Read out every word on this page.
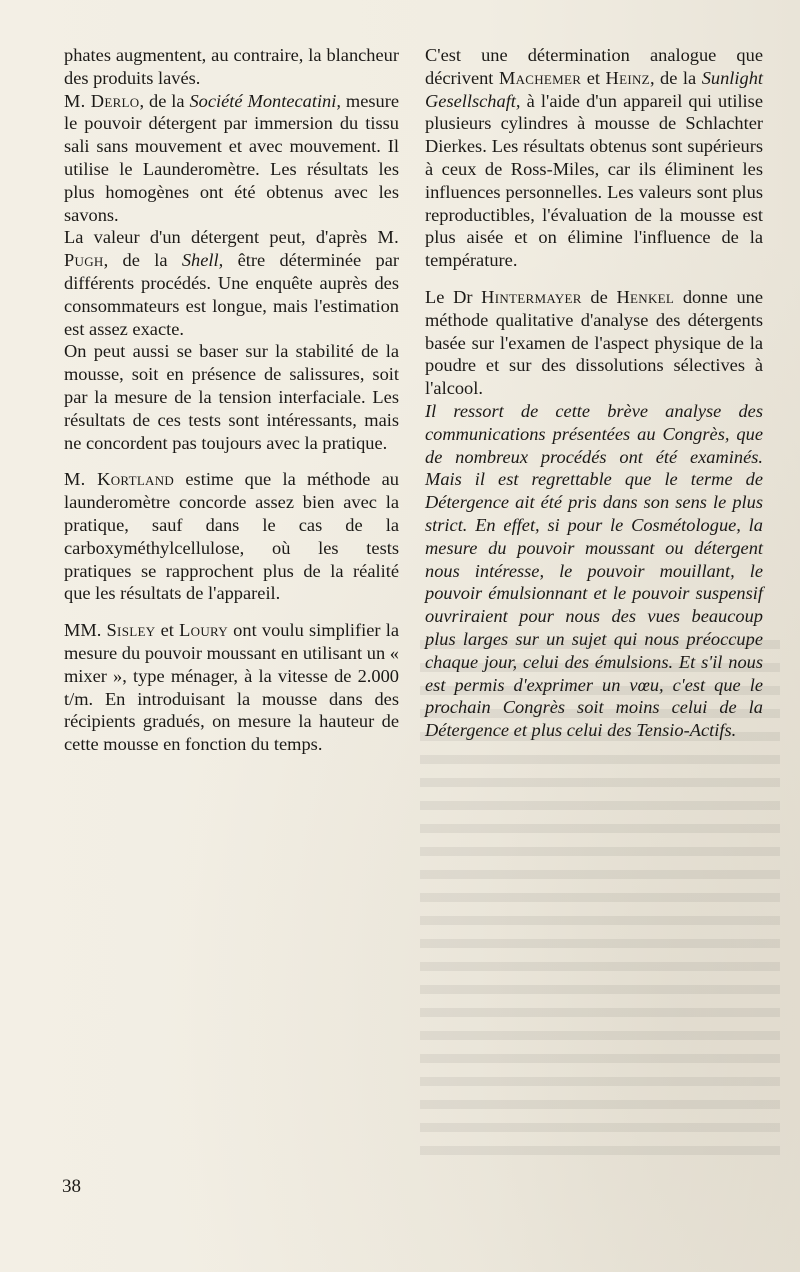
phates augmentent, au contraire, la blancheur des produits lavés.

M. Derlo, de la Société Montecatini, mesure le pouvoir détergent par immersion du tissu sali sans mouvement et avec mouvement. Il utilise le Launderomètre. Les résultats les plus homogènes ont été obtenus avec les savons.

La valeur d'un détergent peut, d'après M. Pugh, de la Shell, être déterminée par différents procédés. Une enquête auprès des consommateurs est longue, mais l'estimation est assez exacte.

On peut aussi se baser sur la stabilité de la mousse, soit en présence de salissures, soit par la mesure de la tension interfaciale. Les résultats de ces tests sont intéressants, mais ne concordent pas toujours avec la pratique.

M. Kortland estime que la méthode au launderomètre concorde assez bien avec la pratique, sauf dans le cas de la carboxyméthylcellulose, où les tests pratiques se rapprochent plus de la réalité que les résultats de l'appareil.

MM. Sisley et Loury ont voulu simplifier la mesure du pouvoir moussant en utilisant un « mixer », type ménager, à la vitesse de 2.000 t/m. En introduisant la mousse dans des récipients gradués, on mesure la hauteur de cette mousse en fonction du temps.

C'est une détermination analogue que décrivent Machemer et Heinz, de la Sunlight Gesellschaft, à l'aide d'un appareil qui utilise plusieurs cylindres à mousse de Schlachter Dierkes. Les résultats obtenus sont supérieurs à ceux de Ross-Miles, car ils éliminent les influences personnelles. Les valeurs sont plus reproductibles, l'évaluation de la mousse est plus aisée et on élimine l'influence de la température.

Le Dr Hintermayer de Henkel donne une méthode qualitative d'analyse des détergents basée sur l'examen de l'aspect physique de la poudre et sur des dissolutions sélectives à l'alcool.

Il ressort de cette brève analyse des communications présentées au Congrès, que de nombreux procédés ont été examinés. Mais il est regrettable que le terme de Détergence ait été pris dans son sens le plus strict. En effet, si pour le Cosmétologue, la mesure du pouvoir moussant ou détergent nous intéresse, le pouvoir mouillant, le pouvoir émulsionnant et le pouvoir suspensif ouvriraient pour nous des vues beaucoup plus larges sur un sujet qui nous préoccupe chaque jour, celui des émulsions. Et s'il nous est permis d'exprimer un vœu, c'est que le prochain Congrès soit moins celui de la Détergence et plus celui des Tensio-Actifs.

38
